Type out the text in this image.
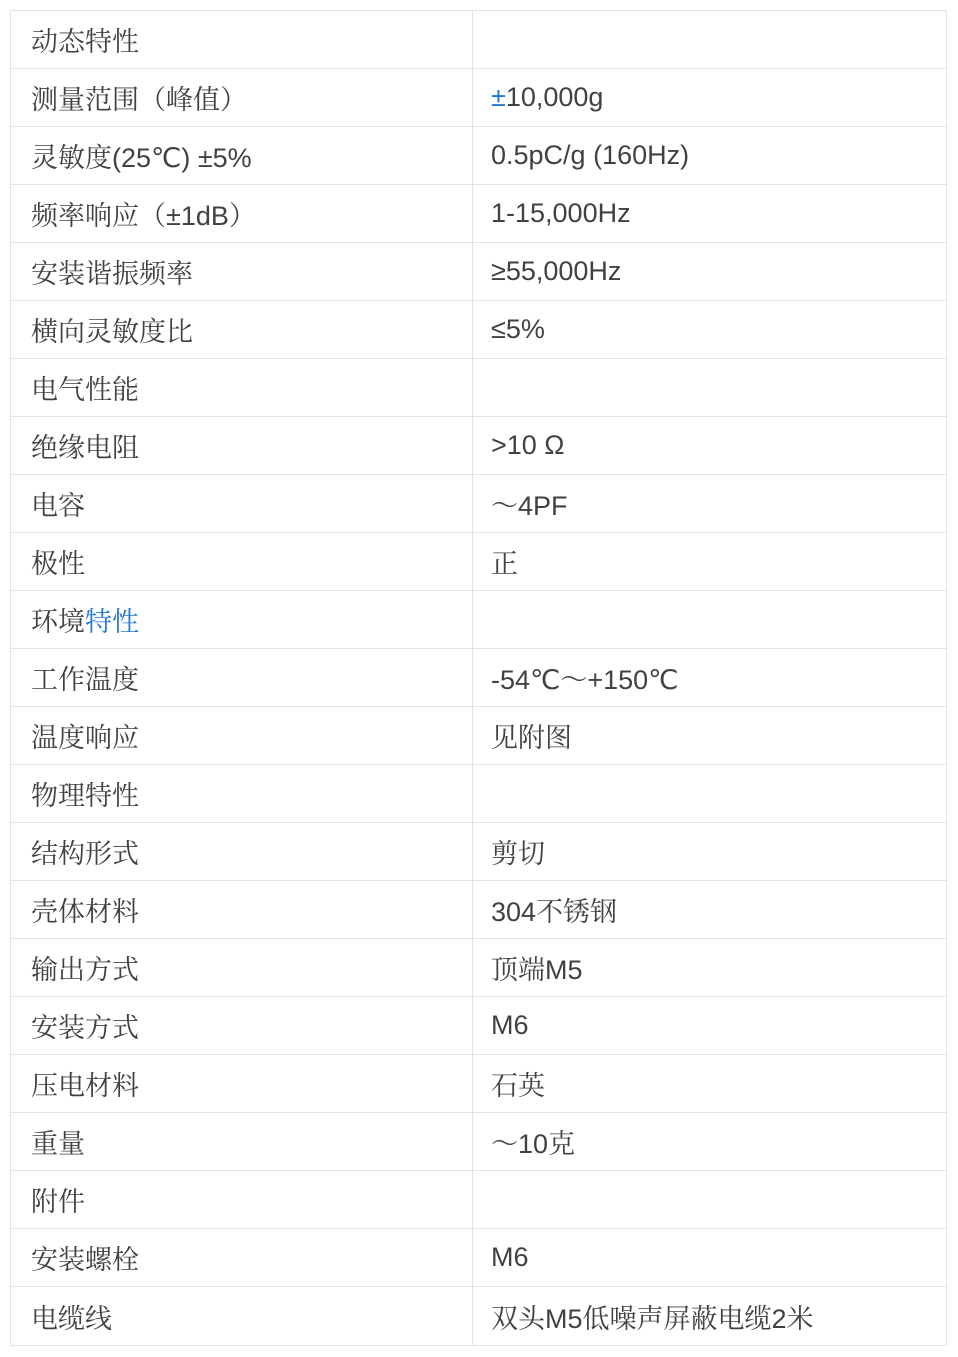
动态特性
测量范围（峰值）	± 10,000g
灵敏度(25℃) ±5%	0.5pC/g (160Hz)
频率响应（±1dB）	1-15,000Hz
安装谐振频率	≥55,000Hz
横向灵敏度比	≤5%
电气性能
绝缘电阻	>10 Ω
电容	～4PF
极性	正
环境 特性
工作温度	-54℃～+150℃
温度响应	见附图
物理特性
结构形式	剪切
壳体材料	304不锈钢
输出方式	顶端M5
安装方式	M6
压电材料	石英
重量	～10克
附件
安装螺栓	M6
电缆线	双头M5低噪声屏蔽电缆2米
